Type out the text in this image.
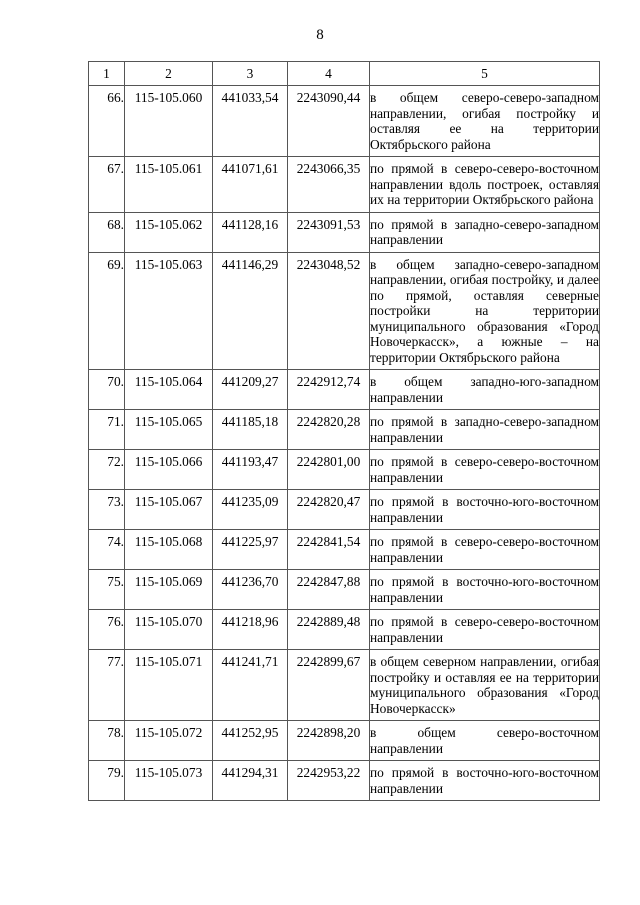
8
1	2	3	4	5
66.	115-105.060	441033,54	2243090,44	в общем северо-северо-западном направлении, огибая постройку и оставляя ее на территории Октябрьского района
67.	115-105.061	441071,61	2243066,35	по прямой в северо-северо-восточном направлении вдоль построек, оставляя их на территории Октябрьского района
68.	115-105.062	441128,16	2243091,53	по прямой в западно-северо-западном направлении
69.	115-105.063	441146,29	2243048,52	в общем западно-северо-западном направлении, огибая постройку, и далее по прямой, оставляя северные постройки на территории муниципального образования «Город Новочеркасск», а южные – на территории Октябрьского района
70.	115-105.064	441209,27	2242912,74	в общем западно-юго-западном направлении
71.	115-105.065	441185,18	2242820,28	по прямой в западно-северо-западном направлении
72.	115-105.066	441193,47	2242801,00	по прямой в северо-северо-восточном направлении
73.	115-105.067	441235,09	2242820,47	по прямой в восточно-юго-восточном направлении
74.	115-105.068	441225,97	2242841,54	по прямой в северо-северо-восточном направлении
75.	115-105.069	441236,70	2242847,88	по прямой в восточно-юго-восточном направлении
76.	115-105.070	441218,96	2242889,48	по прямой в северо-северо-восточном направлении
77.	115-105.071	441241,71	2242899,67	в общем северном направлении, огибая постройку и оставляя ее на территории муниципального образования «Город Новочеркасск»
78.	115-105.072	441252,95	2242898,20	в общем северо-восточном направлении
79.	115-105.073	441294,31	2242953,22	по прямой в восточно-юго-восточном направлении
